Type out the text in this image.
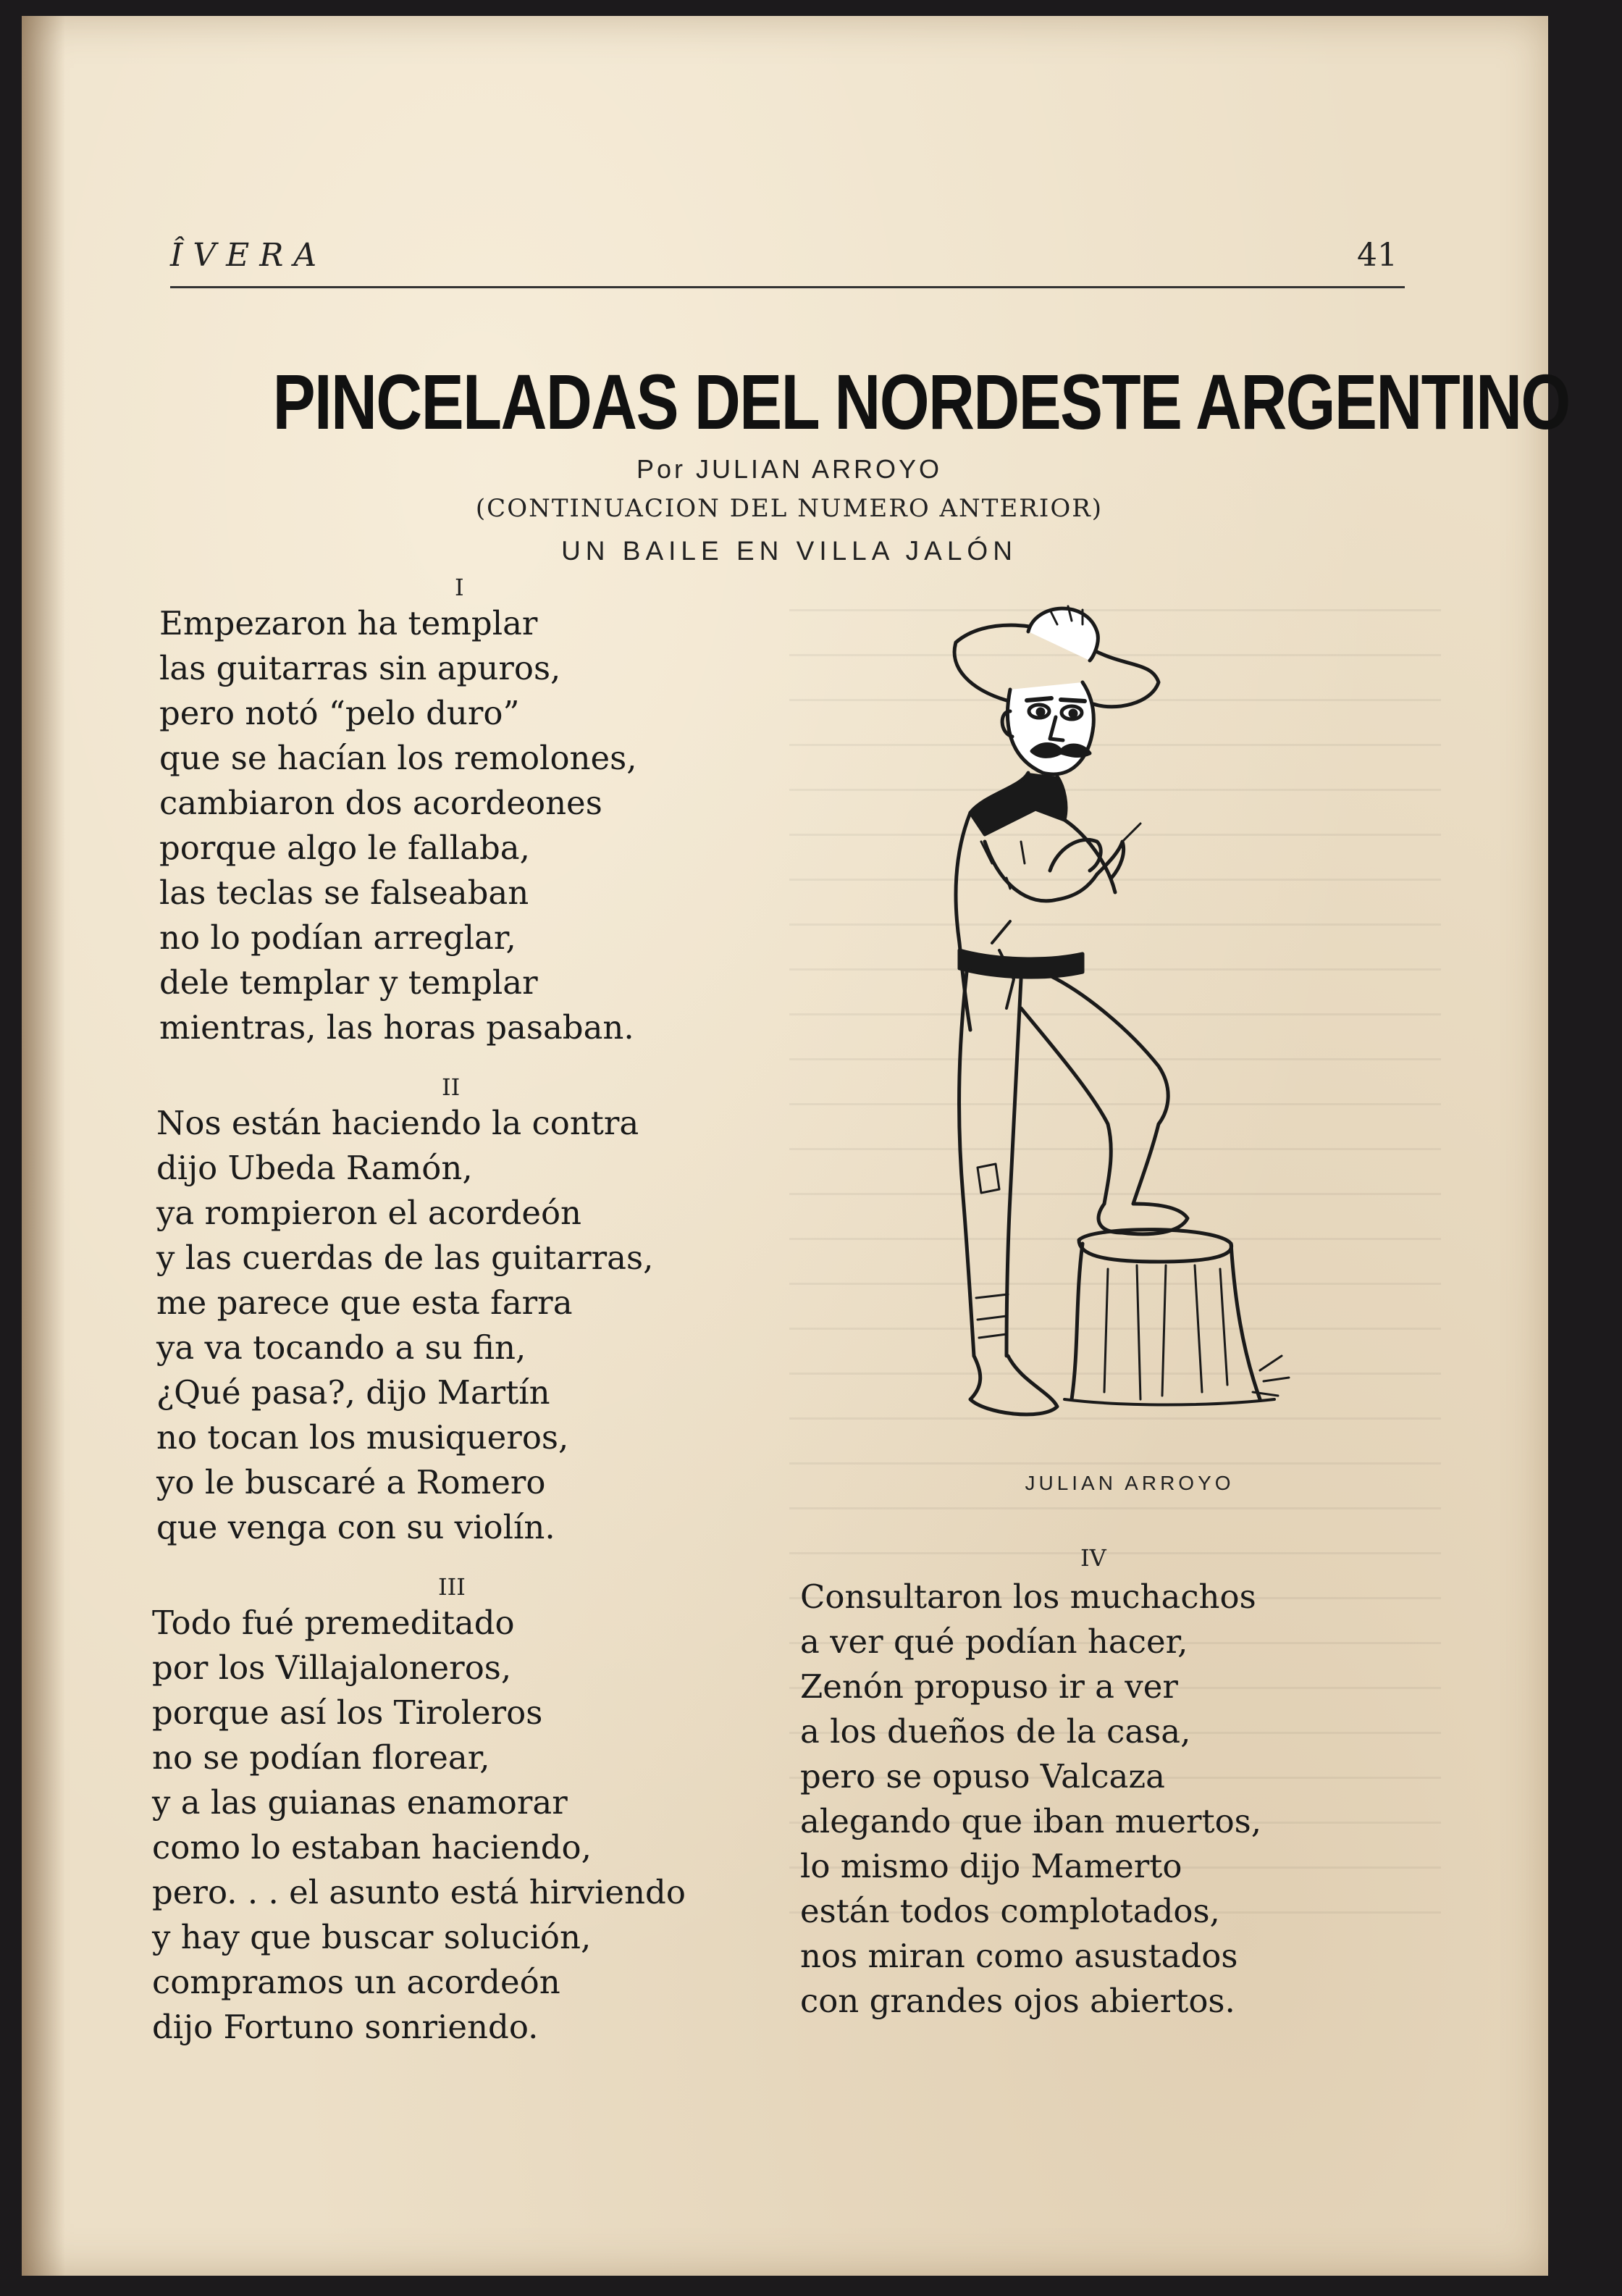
ÎVERA	41
PINCELADAS DEL NORDESTE ARGENTINO
Por JULIAN ARROYO
(CONTINUACION DEL NUMERO ANTERIOR)
UN BAILE EN VILLA JALÓN
I
Empezaron ha templar
las guitarras sin apuros,
pero notó “pelo duro”
que se hacían los remolones,
cambiaron dos acordeones
porque algo le fallaba,
las teclas se falseaban
no lo podían arreglar,
dele templar y templar
mientras, las horas pasaban.
II
Nos están haciendo la contra
dijo Ubeda Ramón,
ya rompieron el acordeón
y las cuerdas de las guitarras,
me parece que esta farra
ya va tocando a su fin,
¿Qué pasa?, dijo Martín
no tocan los musiqueros,
yo le buscaré a Romero
que venga con su violín.
III
Todo fué premeditado
por los Villajaloneros,
porque así los Tiroleros
no se podían florear,
y a las guianas enamorar
como lo estaban haciendo,
pero. . . el asunto está hirviendo
y hay que buscar solución,
compramos un acordeón
dijo Fortuno sonriendo.
IV
Consultaron los muchachos
a ver qué podían hacer,
Zenón propuso ir a ver
a los dueños de la casa,
pero se opuso Valcaza
alegando que iban muertos,
lo mismo dijo Mamerto
están todos complotados,
nos miran como asustados
con grandes ojos abiertos.
JULIAN ARROYO
